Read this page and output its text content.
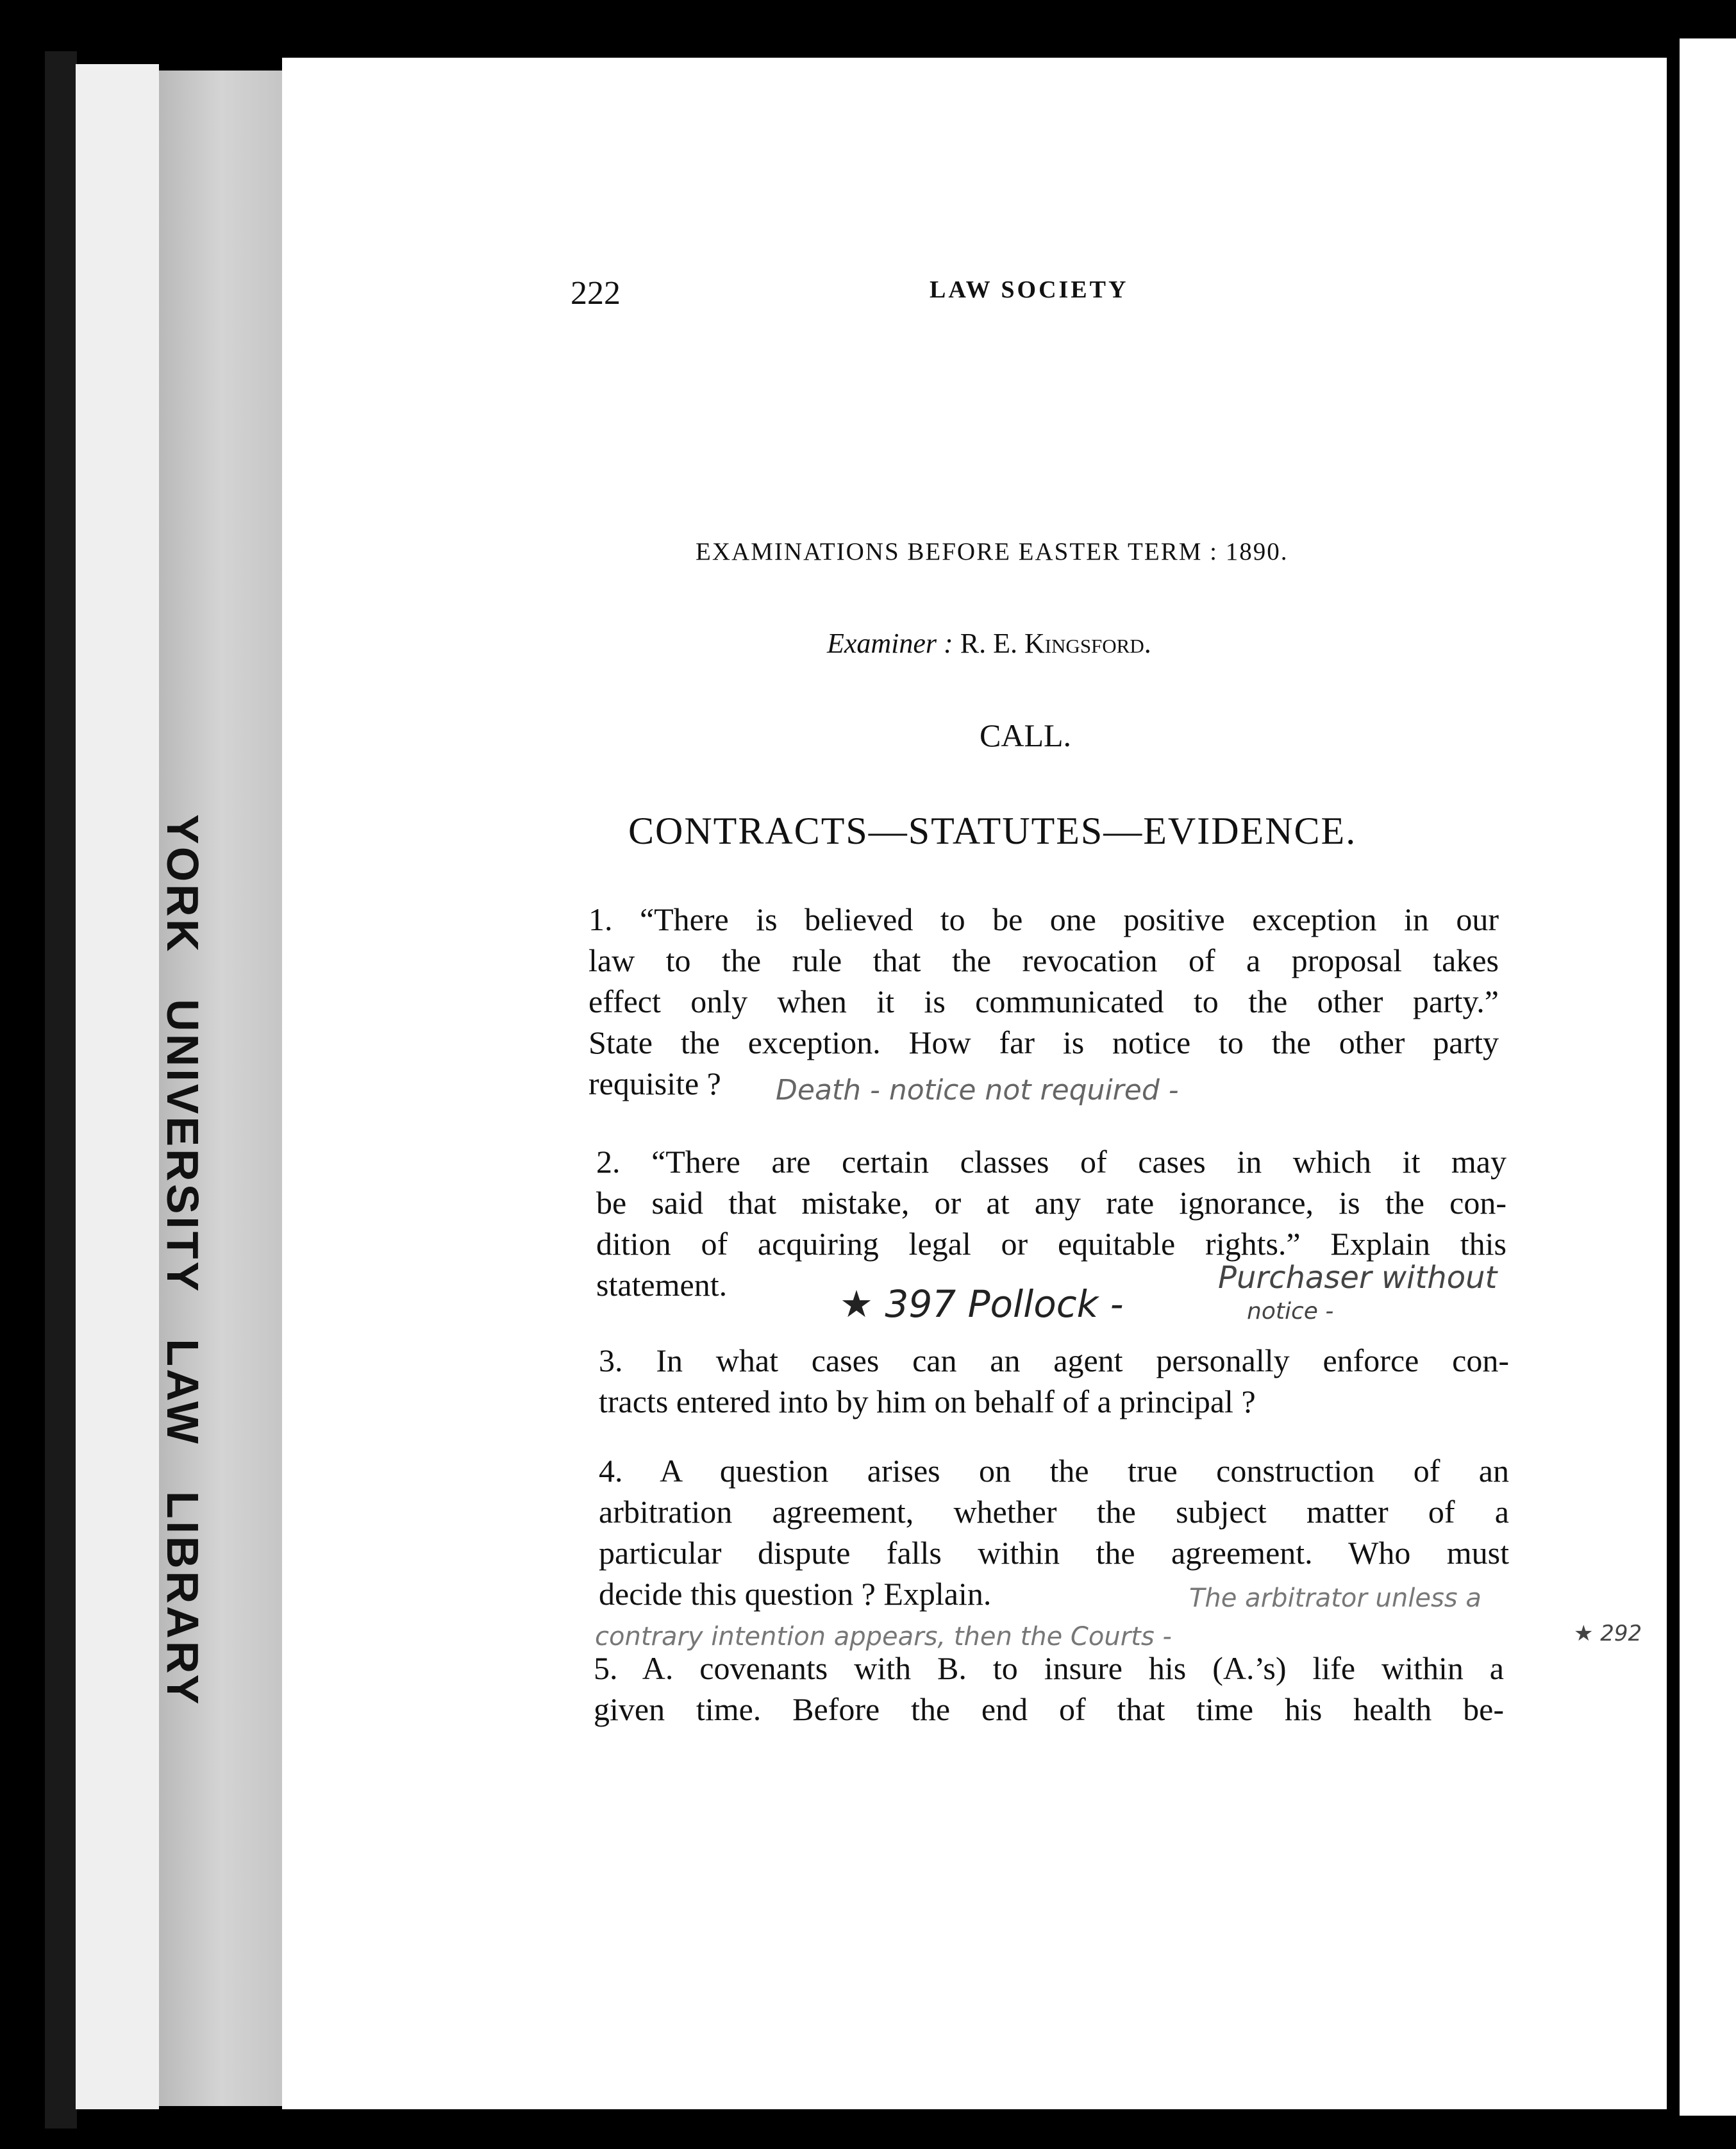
YORKUNIVERSITYLAWLIBRARY

222	LAW SOCIETY

EXAMINATIONS BEFORE EASTER TERM : 1890.

Examiner : R. E. Kingsford.

CALL.

CONTRACTS—STATUTES—EVIDENCE.

1. “There is believed to be one positive exception in our
law to the rule that the revocation of a proposal takes
effect only when it is communicated to the other party.”
State the exception. How far is notice to the other party
requisite ?
2. “There are certain classes of cases in which it may
be said that mistake, or at any rate ignorance, is the con-
dition of acquiring legal or equitable rights.” Explain this
statement.
3. In what cases can an agent personally enforce con-
tracts entered into by him on behalf of a principal ?
4. A question arises on the true construction of an
arbitration agreement, whether the subject matter of a
particular dispute falls within the agreement. Who must
decide this question ? Explain.
5. A. covenants with B. to insure his (A.’s) life within a
given time. Before the end of that time his health be-

Death - notice not required -

★ 397 Pollock -

Purchaser without

notice -

The arbitrator unless a

contrary intention appears, then the Courts -	★ 292
